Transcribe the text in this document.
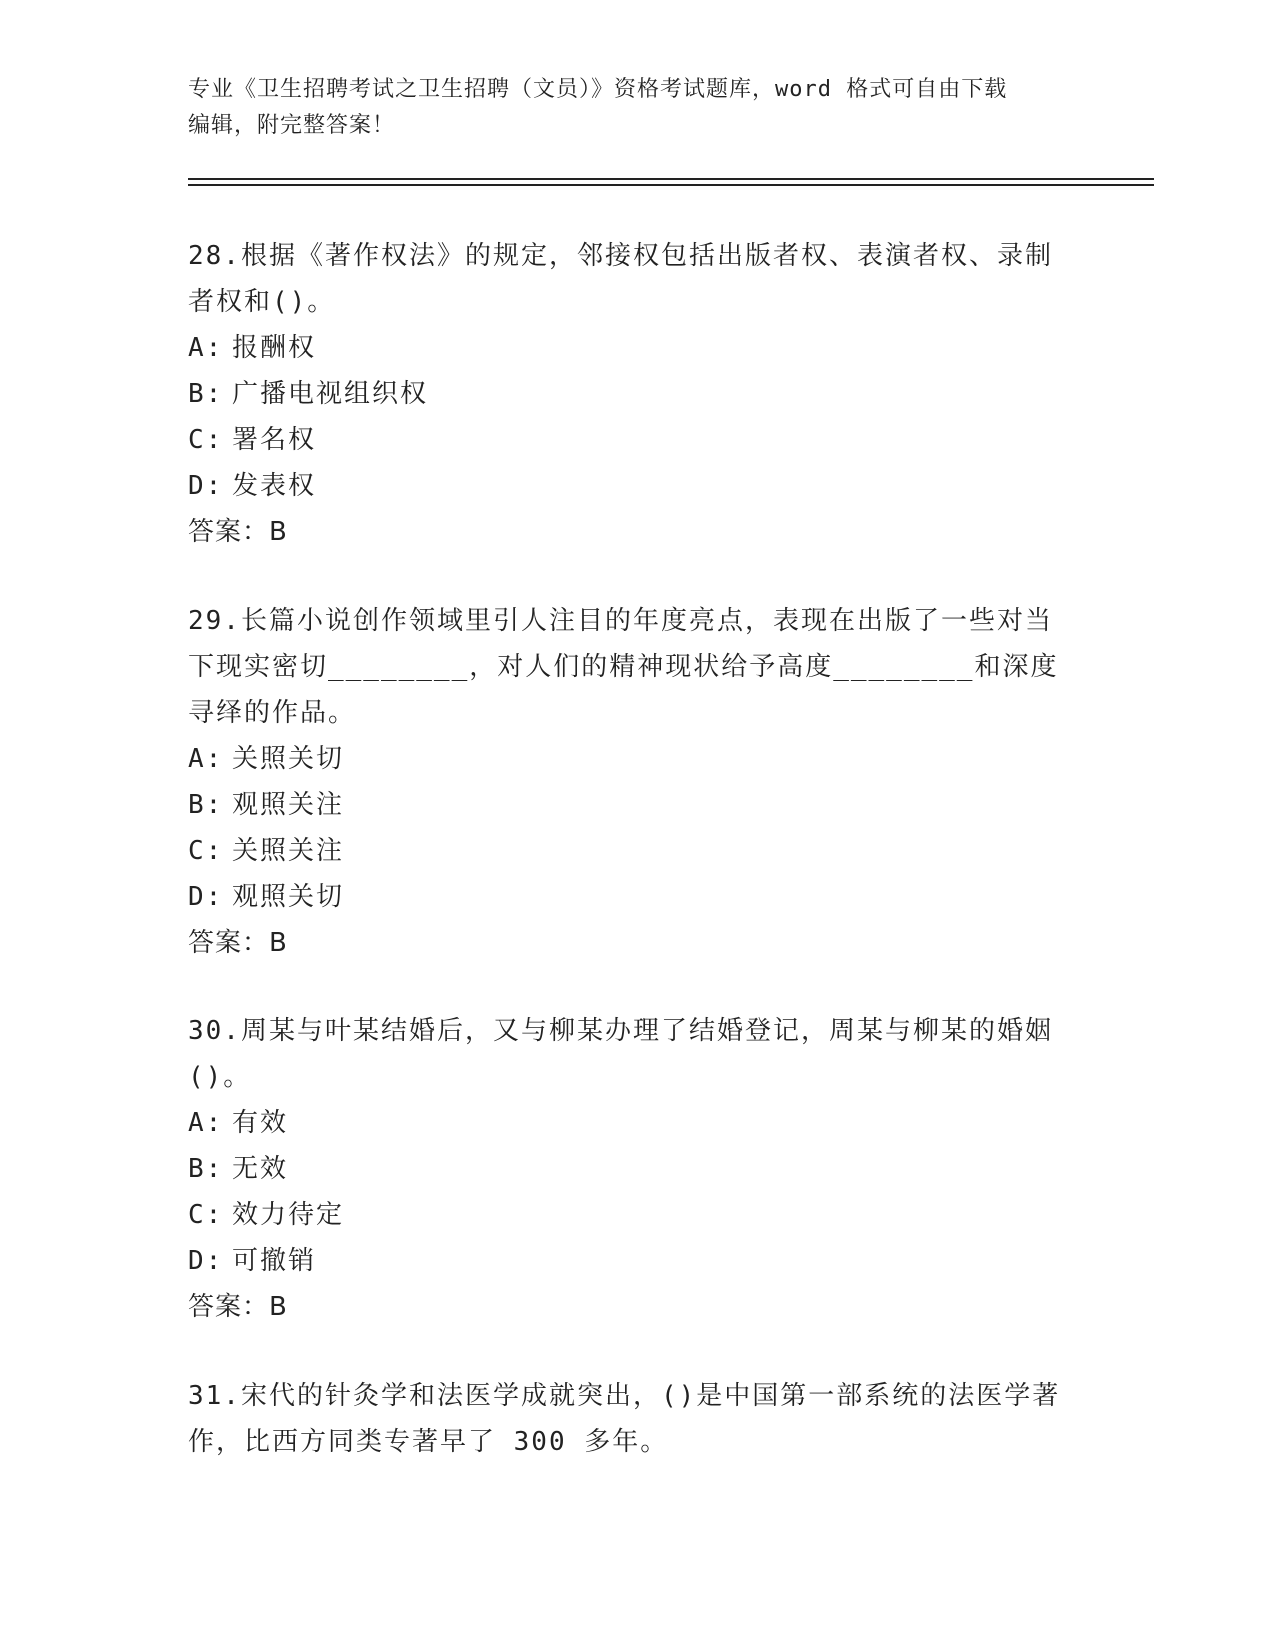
专业《卫生招聘考试之卫生招聘（文员）》资格考试题库，word 格式可自由下载
编辑，附完整答案！

28.根据《著作权法》的规定，邻接权包括出版者权、表演者权、录制者权和()。

A: 报酬权

B: 广播电视组织权

C: 署名权

D: 发表权

答案：B

29.长篇小说创作领域里引人注目的年度亮点，表现在出版了一些对当下现实密切________，对人们的精神现状给予高度________和深度寻绎的作品。

A: 关照关切

B: 观照关注

C: 关照关注

D: 观照关切

答案：B

30.周某与叶某结婚后，又与柳某办理了结婚登记，周某与柳某的婚姻()。

A: 有效

B: 无效

C: 效力待定

D: 可撤销

答案：B

31.宋代的针灸学和法医学成就突出，()是中国第一部系统的法医学著作，比西方同类专著早了 300 多年。
